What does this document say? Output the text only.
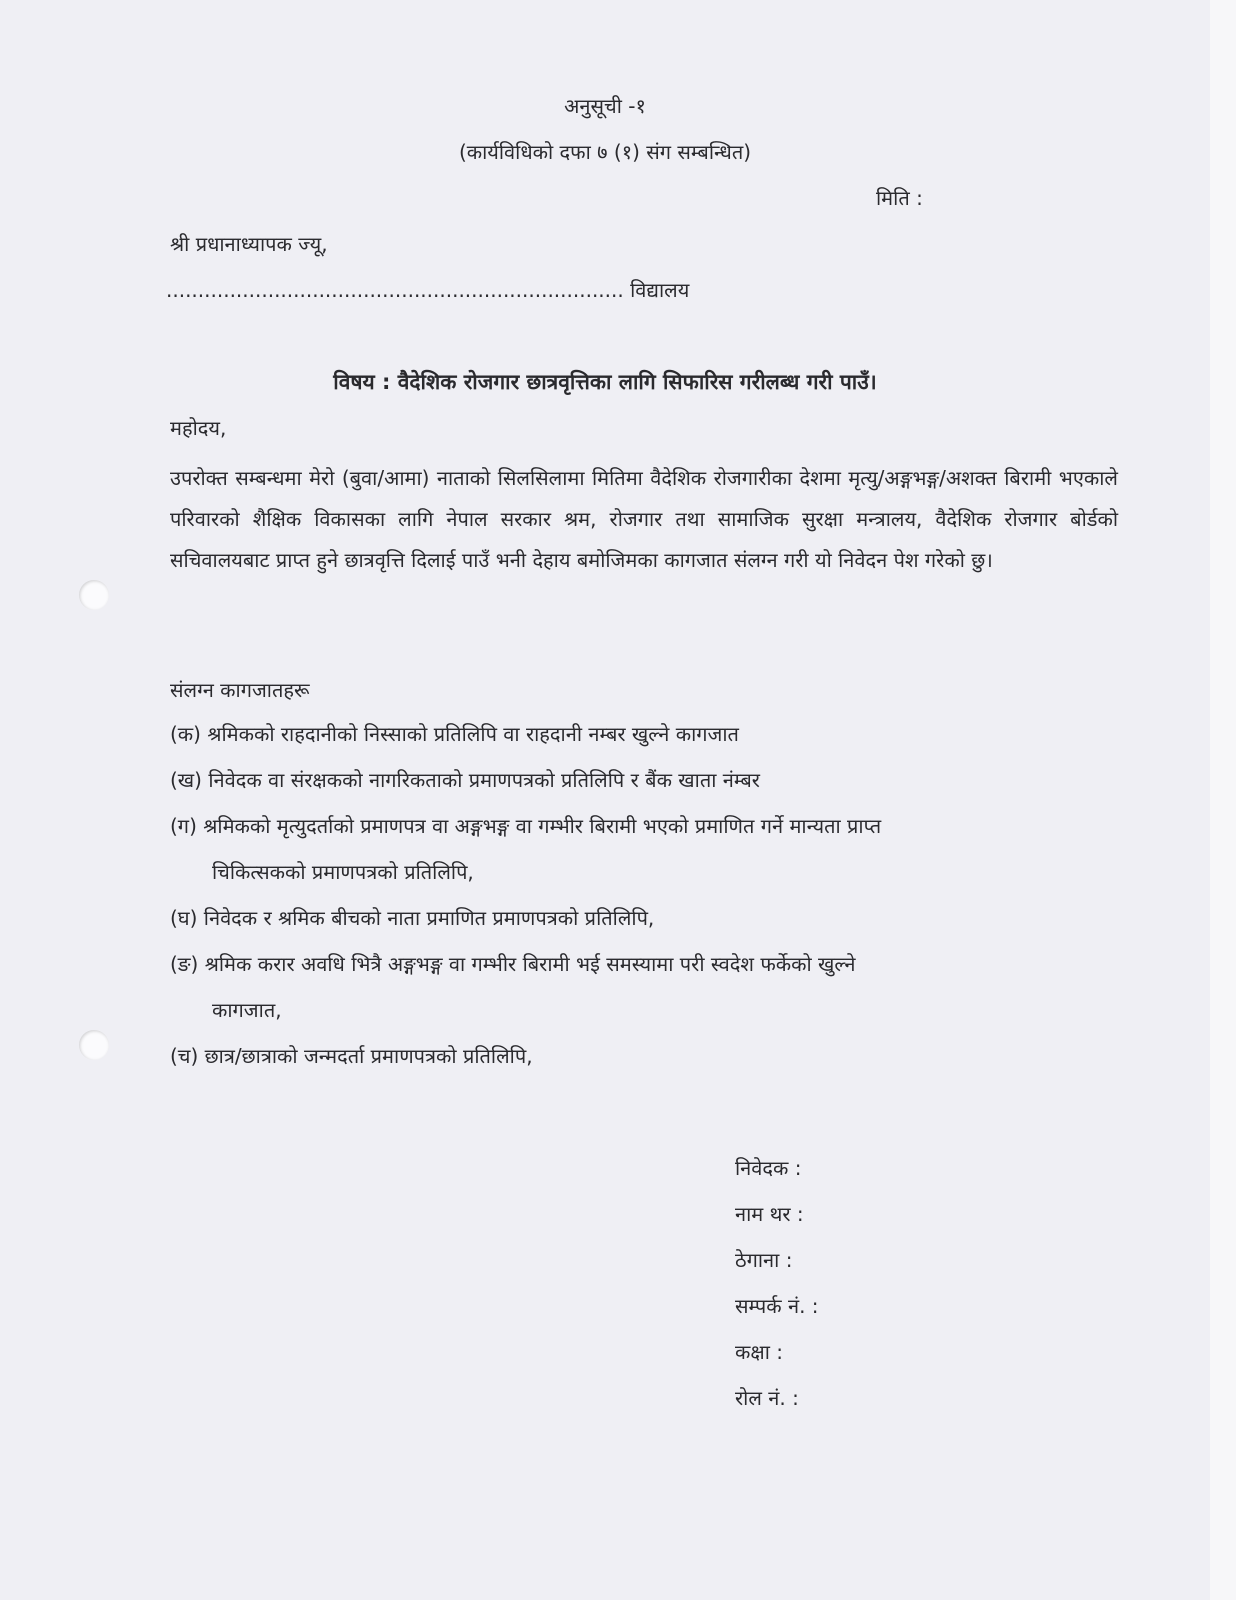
अनुसूची -१
(कार्यविधिको दफा ७ (१) संग सम्बन्धित)
मिति :
श्री प्रधानाध्यापक ज्यू,
........................................................................ विद्यालय
विषय : वैदेशिक रोजगार छात्रवृत्तिका लागि सिफारिस गरीलब्ध गरी पाउँ।
महोदय,
उपरोक्त सम्बन्धमा मेरो (बुवा/आमा) नाताको सिलसिलामा मितिमा वैदेशिक रोजगारीका देशमा मृत्यु/अङ्गभङ्ग/अशक्त बिरामी भएकाले परिवारको शैक्षिक विकासका लागि नेपाल सरकार श्रम, रोजगार तथा सामाजिक सुरक्षा मन्त्रालय, वैदेशिक रोजगार बोर्डको सचिवालयबाट प्राप्त हुने छात्रवृत्ति दिलाई पाउँ भनी देहाय बमोजिमका कागजात संलग्न गरी यो निवेदन पेश गरेको छु।
संलग्न कागजातहरू
(क) श्रमिकको राहदानीको निस्साको प्रतिलिपि वा राहदानी नम्बर खुल्ने कागजात
(ख) निवेदक वा संरक्षकको नागरिकताको प्रमाणपत्रको प्रतिलिपि र बैंक खाता नंम्बर
(ग) श्रमिकको मृत्युदर्ताको प्रमाणपत्र वा अङ्गभङ्ग वा गम्भीर बिरामी भएको प्रमाणित गर्ने मान्यता प्राप्त
चिकित्सकको प्रमाणपत्रको प्रतिलिपि,
(घ) निवेदक र श्रमिक बीचको नाता प्रमाणित प्रमाणपत्रको प्रतिलिपि,
(ङ) श्रमिक करार अवधि भित्रै अङ्गभङ्ग वा गम्भीर बिरामी भई समस्यामा परी स्वदेश फर्केको खुल्ने
कागजात,
(च) छात्र/छात्राको जन्मदर्ता प्रमाणपत्रको प्रतिलिपि,
निवेदक :
नाम थर :
ठेगाना :
सम्पर्क नं. :
कक्षा :
रोल नं. :
